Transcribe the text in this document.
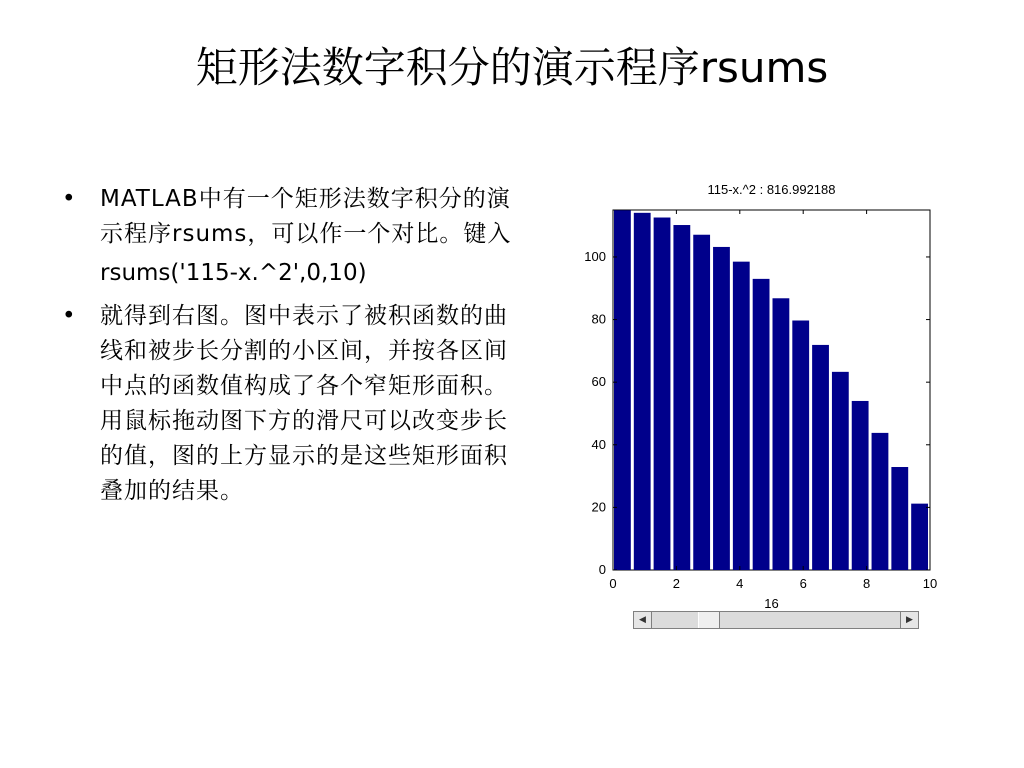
矩形法数字积分的演示程序rsums
• MATLAB中有一个矩形法数字积分的演示程序rsums，可以作一个对比。键入
rsums('115-x.^2',0,10)
• 就得到右图。图中表示了被积函数的曲线和被步长分割的小区间，并按各区间中点的函数值构成了各个窄矩形面积。用鼠标拖动图下方的滑尺可以改变步长的值，图的上方显示的是这些矩形面积叠加的结果。
0	2	4	6	8	10
0
20
40
60
80
100
115-x.^2 : 816.992188
16
◀	▶
